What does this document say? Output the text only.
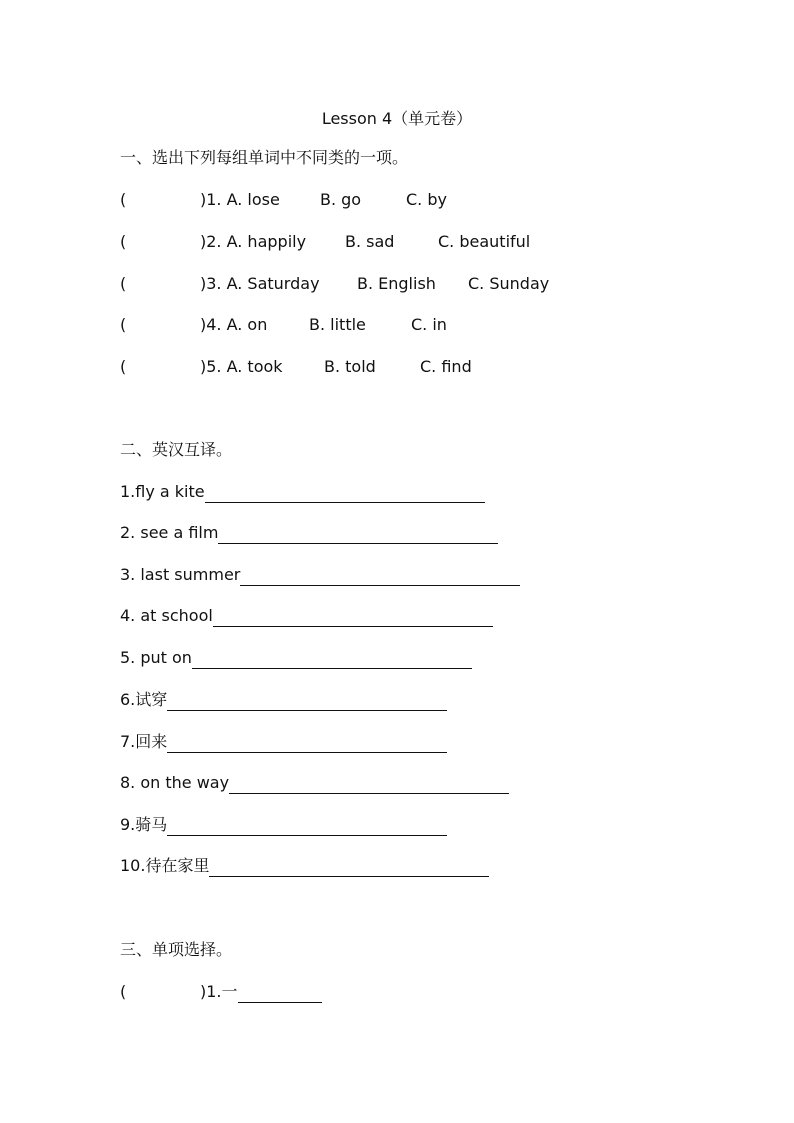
Lesson 4（单元卷）
一、选出下列每组单词中不同类的一项。
(	)1. A. lose	B. go	C. by
(	)2. A. happily B. sad	C. beautiful
(	)3. A. Saturday B. English C. Sunday
(	)4. A. on	B. little	C. in
(	)5. A. took	B. told	C. find
二、英汉互译。
1.fly a kite
2. see a film
3. last summer
4. at school
5. put on
6.试穿
7.回来
8. on the way
9.骑马
10.待在家里
三、单项选择。
(	)1.一
